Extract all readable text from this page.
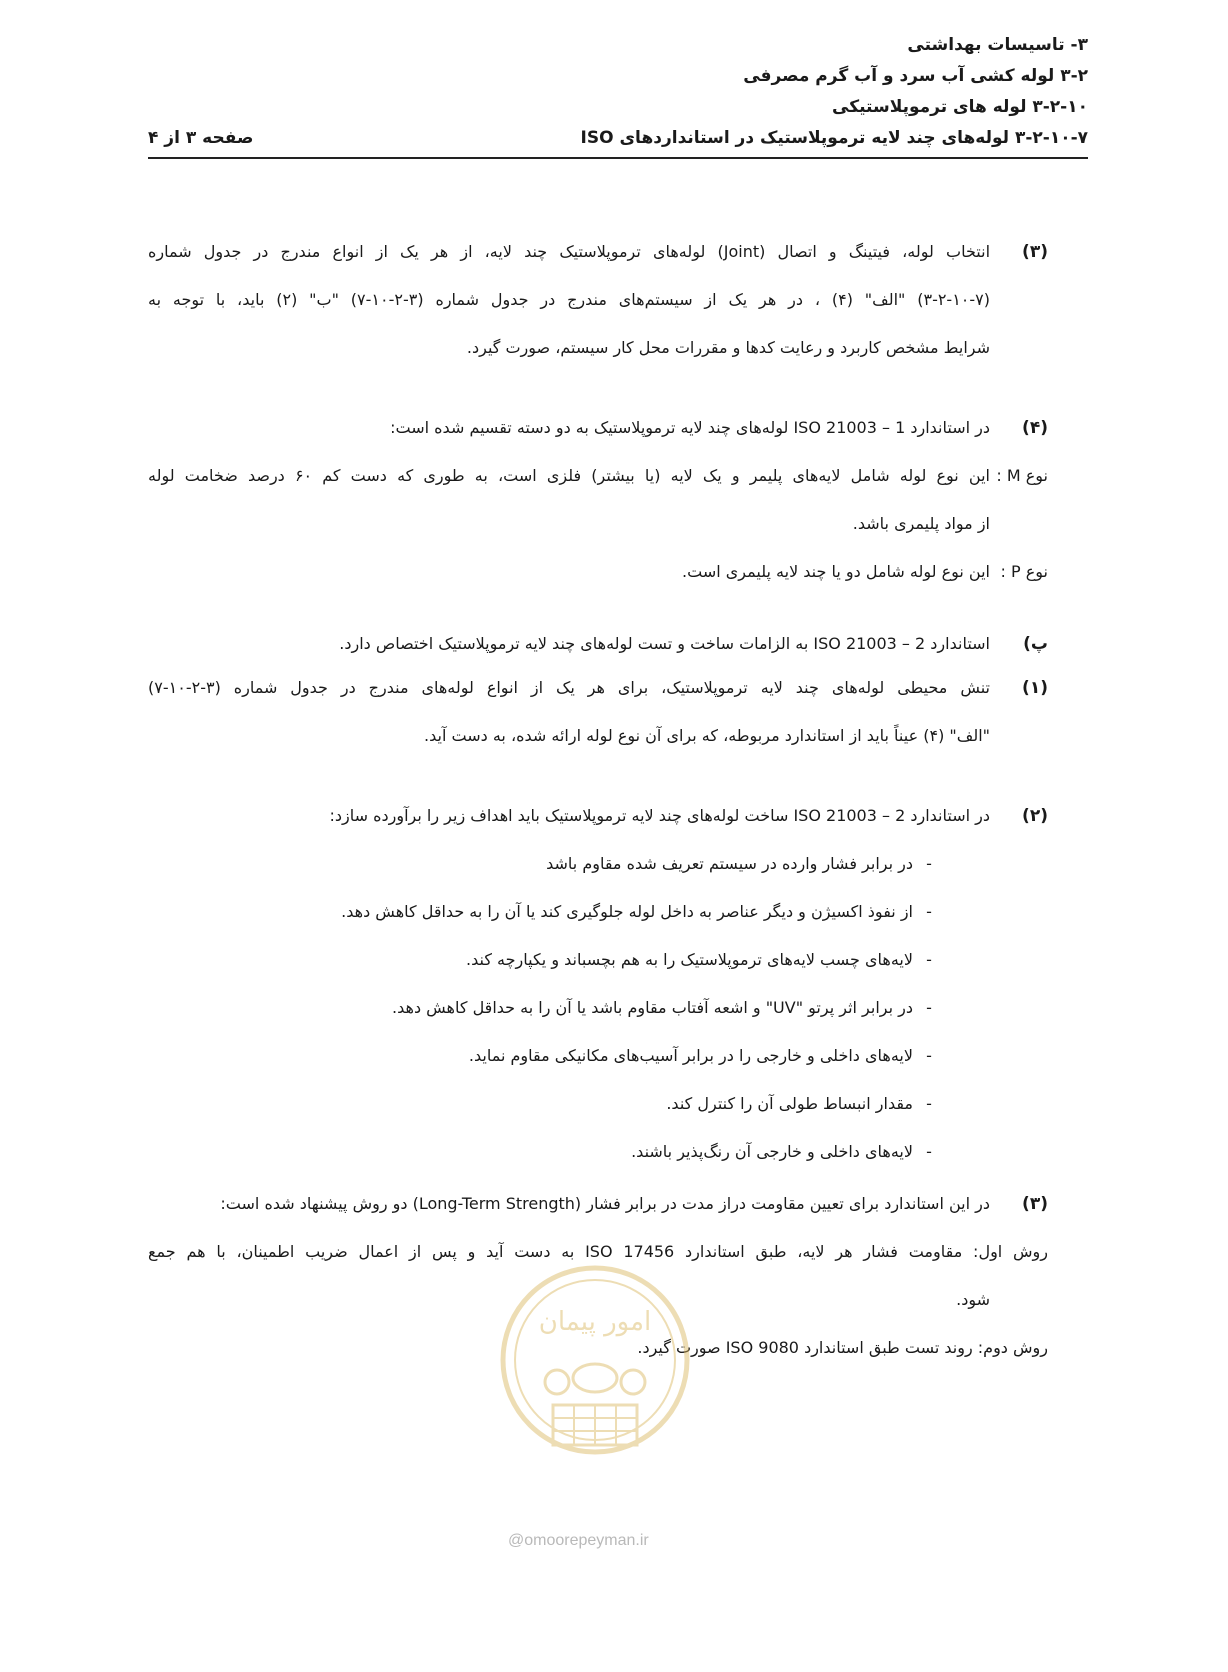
۳- تاسیسات بهداشتی
۳-۲ لوله کشی آب سرد و آب گرم مصرفی
۳-۲-۱۰ لوله های ترموپلاستیکی
۳-۲-۱۰-۷ لوله‌های چند لایه ترموپلاستیک در استانداردهای ISO
صفحه ۳ از ۴
(۳)
انتخاب لوله، فیتینگ و اتصال (Joint) لوله‌های ترموپلاستیک چند لایه، از هر یک از انواع مندرج در جدول شماره
(۳-۲-۱۰-۷) "الف" (۴) ، در هر یک از سیستم‌های مندرج در جدول شماره (۳-۲-۱۰-۷) "ب" (۲) باید، با توجه به
شرایط مشخص کاربرد و رعایت کدها و مقررات محل کار سیستم، صورت گیرد.
(۴)
در استاندارد ISO 21003 – 1 لوله‌های چند لایه ترموپلاستیک به دو دسته تقسیم شده است:
نوع M :
این نوع لوله شامل لایه‌های پلیمر و یک لایه (یا بیشتر) فلزی است، به طوری که دست کم ۶۰ درصد ضخامت لوله
از مواد پلیمری باشد.
نوع P :
این نوع لوله شامل دو یا چند لایه پلیمری است.
پ)
استاندارد ISO 21003 – 2 به الزامات ساخت و تست لوله‌های چند لایه ترموپلاستیک اختصاص دارد.
(۱)
تنش محیطی لوله‌های چند لایه ترموپلاستیک، برای هر یک از انواع لوله‌های مندرج در جدول شماره (۳-۲-۱۰-۷)
"الف" (۴) عیناً باید از استاندارد مربوطه، که برای آن نوع لوله ارائه شده، به دست آید.
(۲)
در استاندارد ISO 21003 – 2 ساخت لوله‌های چند لایه ترموپلاستیک باید اهداف زیر را برآورده سازد:
-
در برابر فشار وارده در سیستم تعریف شده مقاوم باشد
-
از نفوذ اکسیژن و دیگر عناصر به داخل لوله جلوگیری کند یا آن را به حداقل کاهش دهد.
-
لایه‌های چسب لایه‌های ترموپلاستیک را به هم بچسباند و یکپارچه کند.
-
در برابر اثر پرتو "UV" و اشعه آفتاب مقاوم باشد یا آن را به حداقل کاهش دهد.
-
لایه‌های داخلی و خارجی را در برابر آسیب‌های مکانیکی مقاوم نماید.
-
مقدار انبساط طولی آن را کنترل کند.
-
لایه‌های داخلی و خارجی آن رنگ‌پذیر باشند.
(۳)
در این استاندارد برای تعیین مقاومت دراز مدت در برابر فشار (Long-Term Strength) دو روش پیشنهاد شده است:
روش اول: مقاومت فشار هر لایه، طبق استاندارد ISO 17456 به دست آید و پس از اعمال ضریب اطمینان، با هم جمع
شود.
روش دوم: روند تست طبق استاندارد ISO 9080 صورت گیرد.
امور پیمان
@omoorepeyman.ir
